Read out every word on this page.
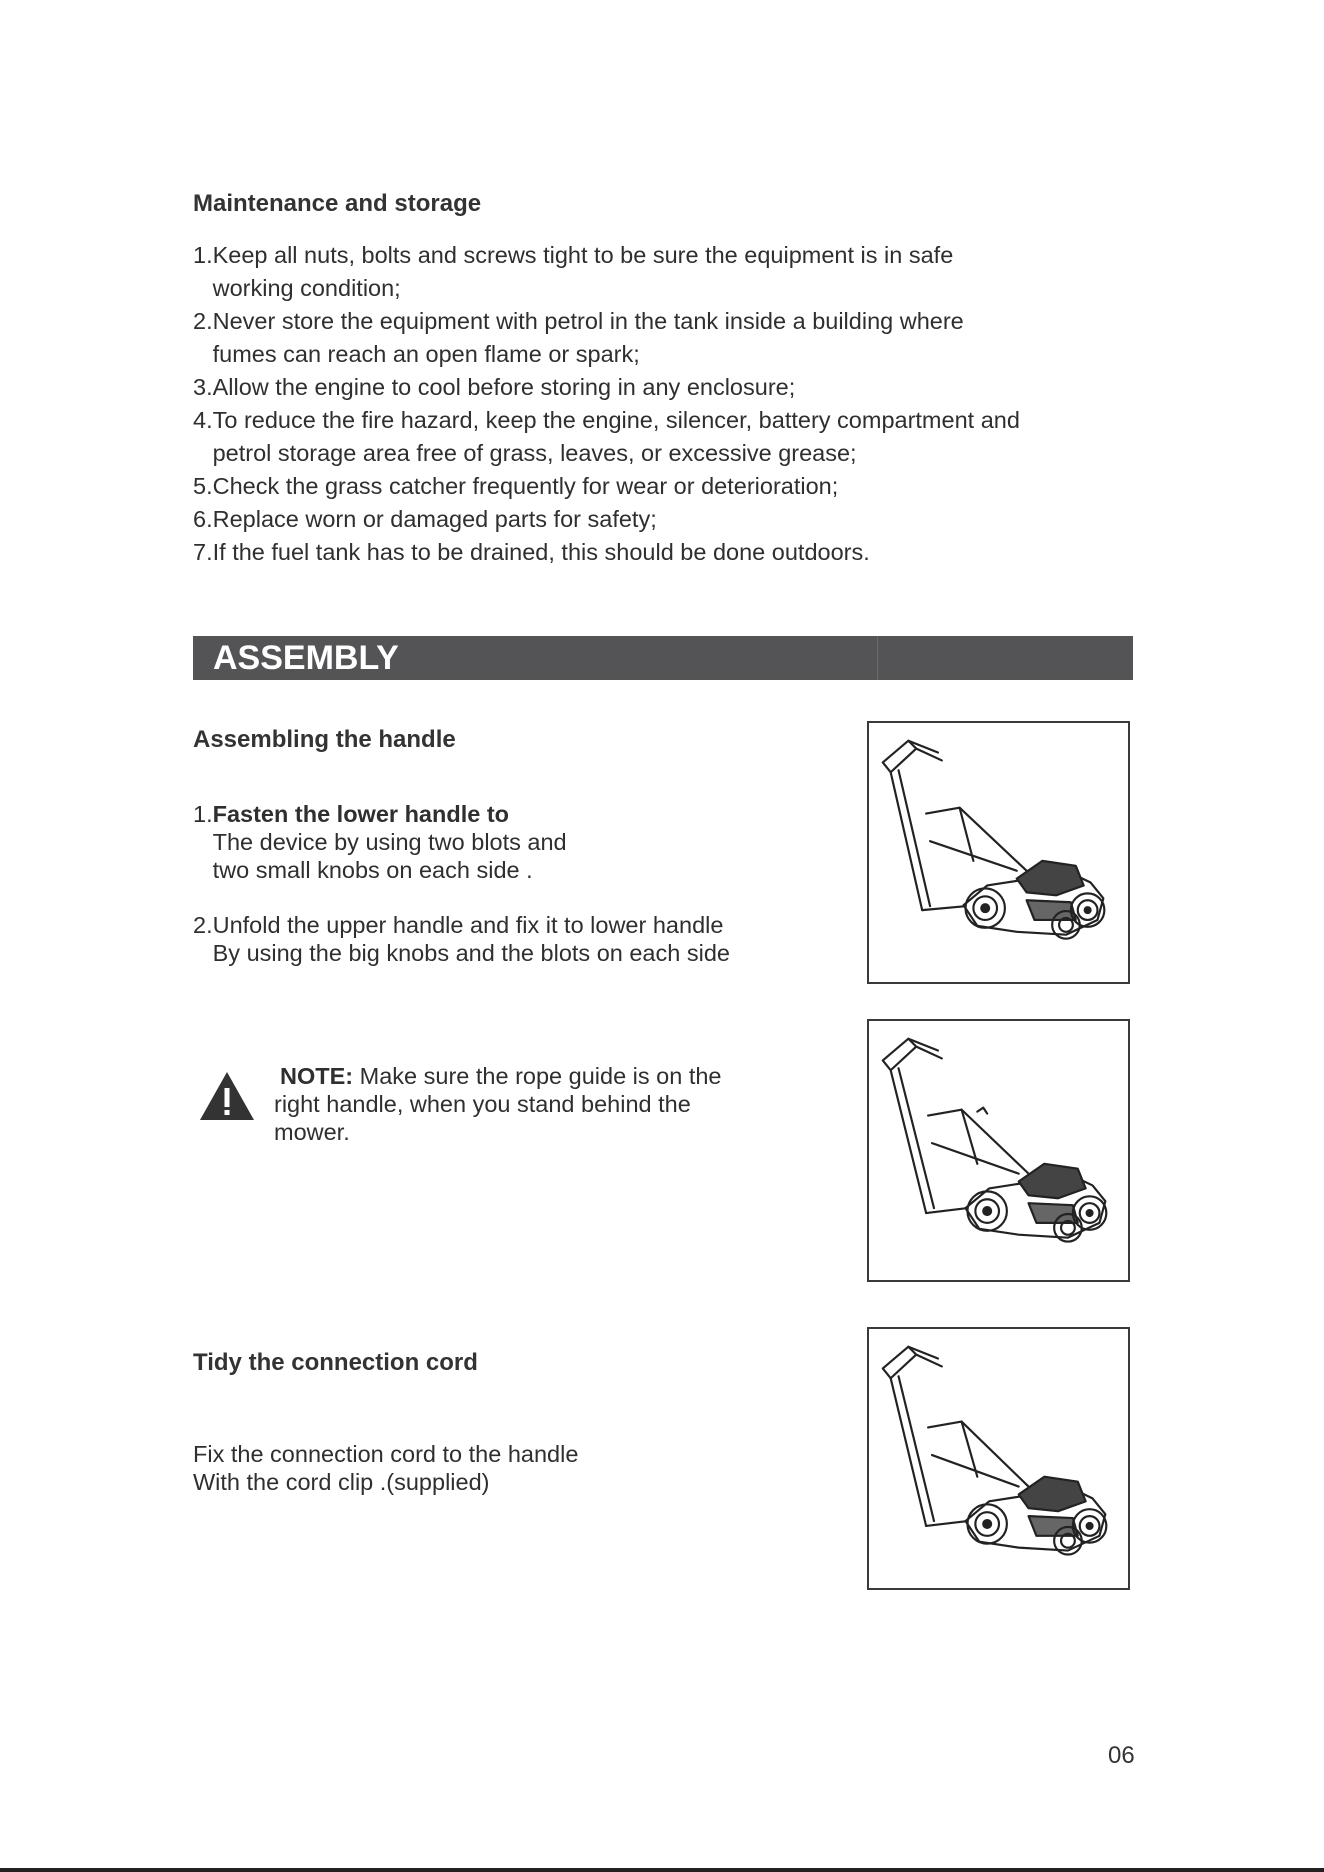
Maintenance and storage
1. Keep all nuts, bolts and screws tight to be sure the equipment is in safe
working condition;
2. Never store the equipment with petrol in the tank inside a building where
fumes can reach an open flame or spark;
3. Allow the engine to cool before storing in any enclosure;
4. To reduce the fire hazard, keep the engine, silencer, battery compartment and
petrol storage area free of grass, leaves, or excessive grease;
5. Check the grass catcher frequently for wear or deterioration;
6. Replace worn or damaged parts for safety;
7. If the fuel tank has to be drained, this should be done outdoors.
ASSEMBLY
Assembling the handle
1. Fasten the lower handle to
The device by using two blots and
two small knobs on each side .
2. Unfold the upper handle and fix it to lower handle
By using the big knobs and the blots on each side
NOTE: Make sure the rope guide is on the
right handle, when you stand behind the
mower.
Tidy the connection cord
Fix the connection cord to the handle
With the cord clip .(supplied)
06
